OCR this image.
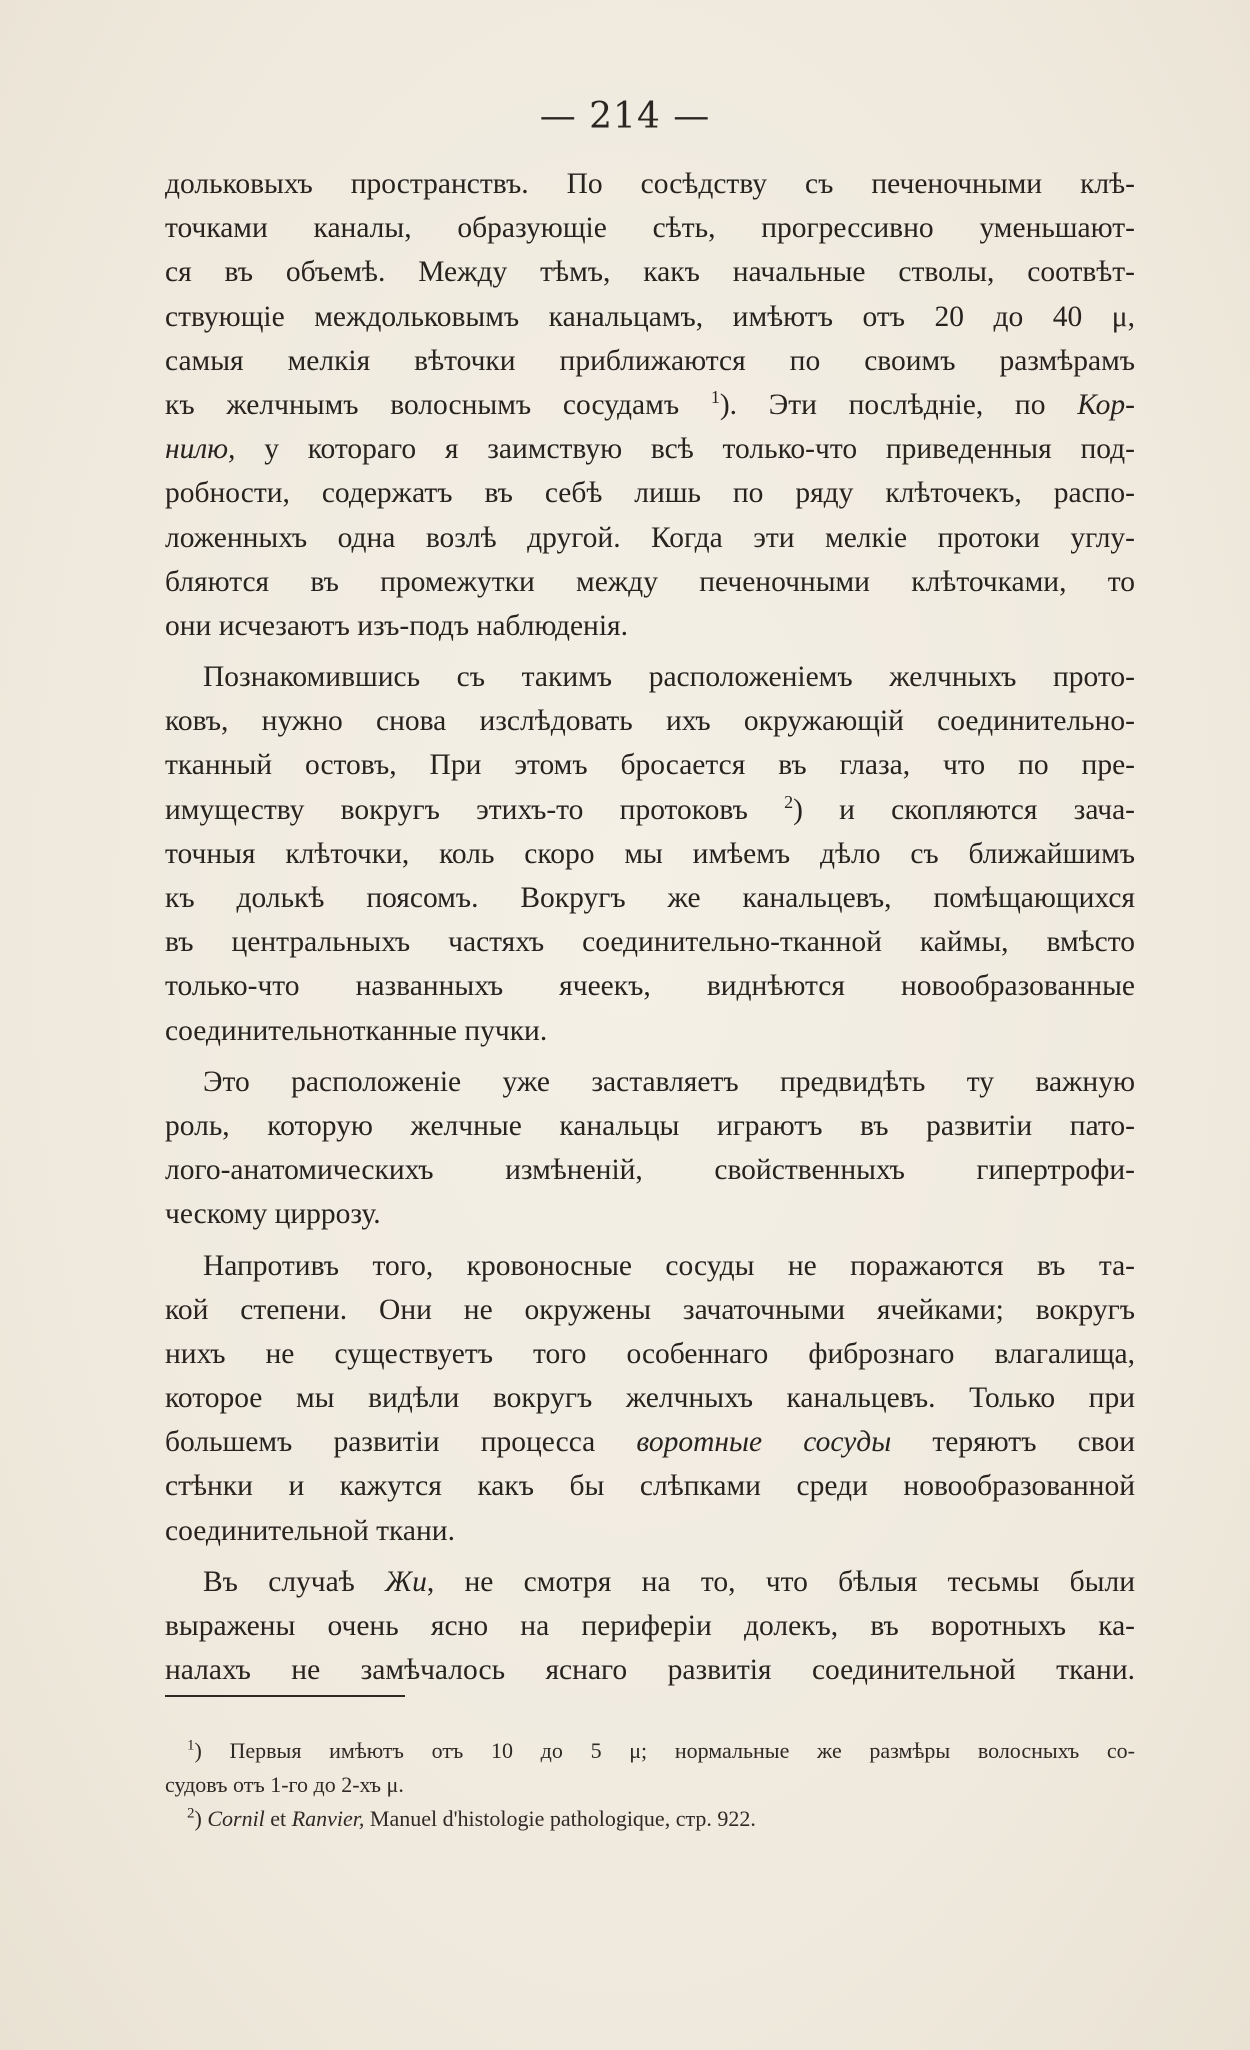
— 214 —
дольковыхъ пространствъ. По сосѣдству съ печеночными клѣ-
точками каналы, образующіе сѣть, прогрессивно уменьшают-
ся въ объемѣ. Между тѣмъ, какъ начальные стволы, соотвѣт-
ствующіе междольковымъ канальцамъ, имѣютъ отъ 20 до 40 μ,
самыя мелкія вѣточки приближаются по своимъ размѣрамъ
къ желчнымъ волоснымъ сосудамъ $^1$). Эти послѣдніе, по Кор-
нилю, у котораго я заимствую всѣ только-что приведенныя под-
робности, содержатъ въ себѣ лишь по ряду клѣточекъ, распо-
ложенныхъ одна возлѣ другой. Когда эти мелкіе протоки углу-
бляются въ промежутки между печеночными клѣточками, то
они исчезаютъ изъ-подъ наблюденія.
Познакомившись съ такимъ расположеніемъ желчныхъ прото-
ковъ, нужно снова изслѣдовать ихъ окружающій соединительно-
тканный остовъ, При этомъ бросается въ глаза, что по пре-
имуществу вокругъ этихъ-то протоковъ $^2$) и скопляются зача-
точныя клѣточки, коль скоро мы имѣемъ дѣло съ ближайшимъ
къ долькѣ поясомъ. Вокругъ же канальцевъ, помѣщающихся
въ центральныхъ частяхъ соединительно-тканной каймы, вмѣсто
только-что названныхъ ячеекъ, виднѣются новообразованные
соединительнотканные пучки.
Это расположеніе уже заставляетъ предвидѣть ту важную
роль, которую желчные канальцы играютъ въ развитіи пато-
лого-анатомическихъ измѣненій, свойственныхъ гипертрофи-
ческому циррозу.
Напротивъ того, кровоносные сосуды не поражаются въ та-
кой степени. Они не окружены зачаточными ячейками; вокругъ
нихъ не существуетъ того особеннаго фибрознаго влагалища,
которое мы видѣли вокругъ желчныхъ канальцевъ. Только при
большемъ развитіи процесса воротные сосуды теряютъ свои
стѣнки и кажутся какъ бы слѣпками среди новообразованной
соединительной ткани.
Въ случаѣ Жи, не смотря на то, что бѣлыя тесьмы были
выражены очень ясно на периферіи долекъ, въ воротныхъ ка-
налахъ не замѣчалось яснаго развитія соединительной ткани.
$^1$) Первыя имѣютъ отъ 10 до 5 μ; нормальные же размѣры волосныхъ со-
судовъ отъ 1-го до 2-хъ μ.
$^2$) Cornil et Ranvier, Manuel d'histologie pathologique, стр. 922.
